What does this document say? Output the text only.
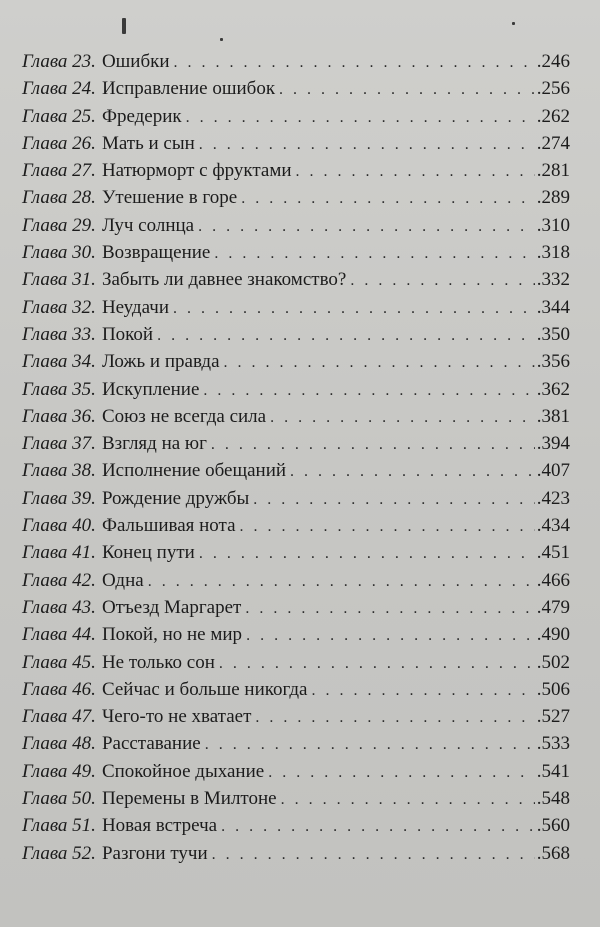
Глава 23. Ошибки . . .	.246
Глава 24. Исправление ошибок . . .	.256
Глава 25. Фредерик . . .	.262
Глава 26. Мать и сын . . .	.274
Глава 27. Натюрморт с фруктами . . .	.281
Глава 28. Утешение в горе . . .	.289
Глава 29. Луч солнца . . .	.310
Глава 30. Возвращение . . .	.318
Глава 31. Забыть ли давнее знакомство? . . .	.332
Глава 32. Неудачи . . .	.344
Глава 33. Покой . . .	.350
Глава 34. Ложь и правда . . .	.356
Глава 35. Искупление . . .	.362
Глава 36. Союз не всегда сила . . .	.381
Глава 37. Взгляд на юг . . .	.394
Глава 38. Исполнение обещаний . . .	.407
Глава 39. Рождение дружбы . . .	.423
Глава 40. Фальшивая нота . . .	.434
Глава 41. Конец пути . . .	.451
Глава 42. Одна . . .	.466
Глава 43. Отъезд Маргарет . . .	.479
Глава 44. Покой, но не мир . . .	.490
Глава 45. Не только сон . . .	.502
Глава 46. Сейчас и больше никогда . . .	.506
Глава 47. Чего-то не хватает . . .	.527
Глава 48. Расставание . . .	.533
Глава 49. Спокойное дыхание . . .	.541
Глава 50. Перемены в Милтоне . . .	.548
Глава 51. Новая встреча . . .	.560
Глава 52. Разгони тучи . . .	.568
